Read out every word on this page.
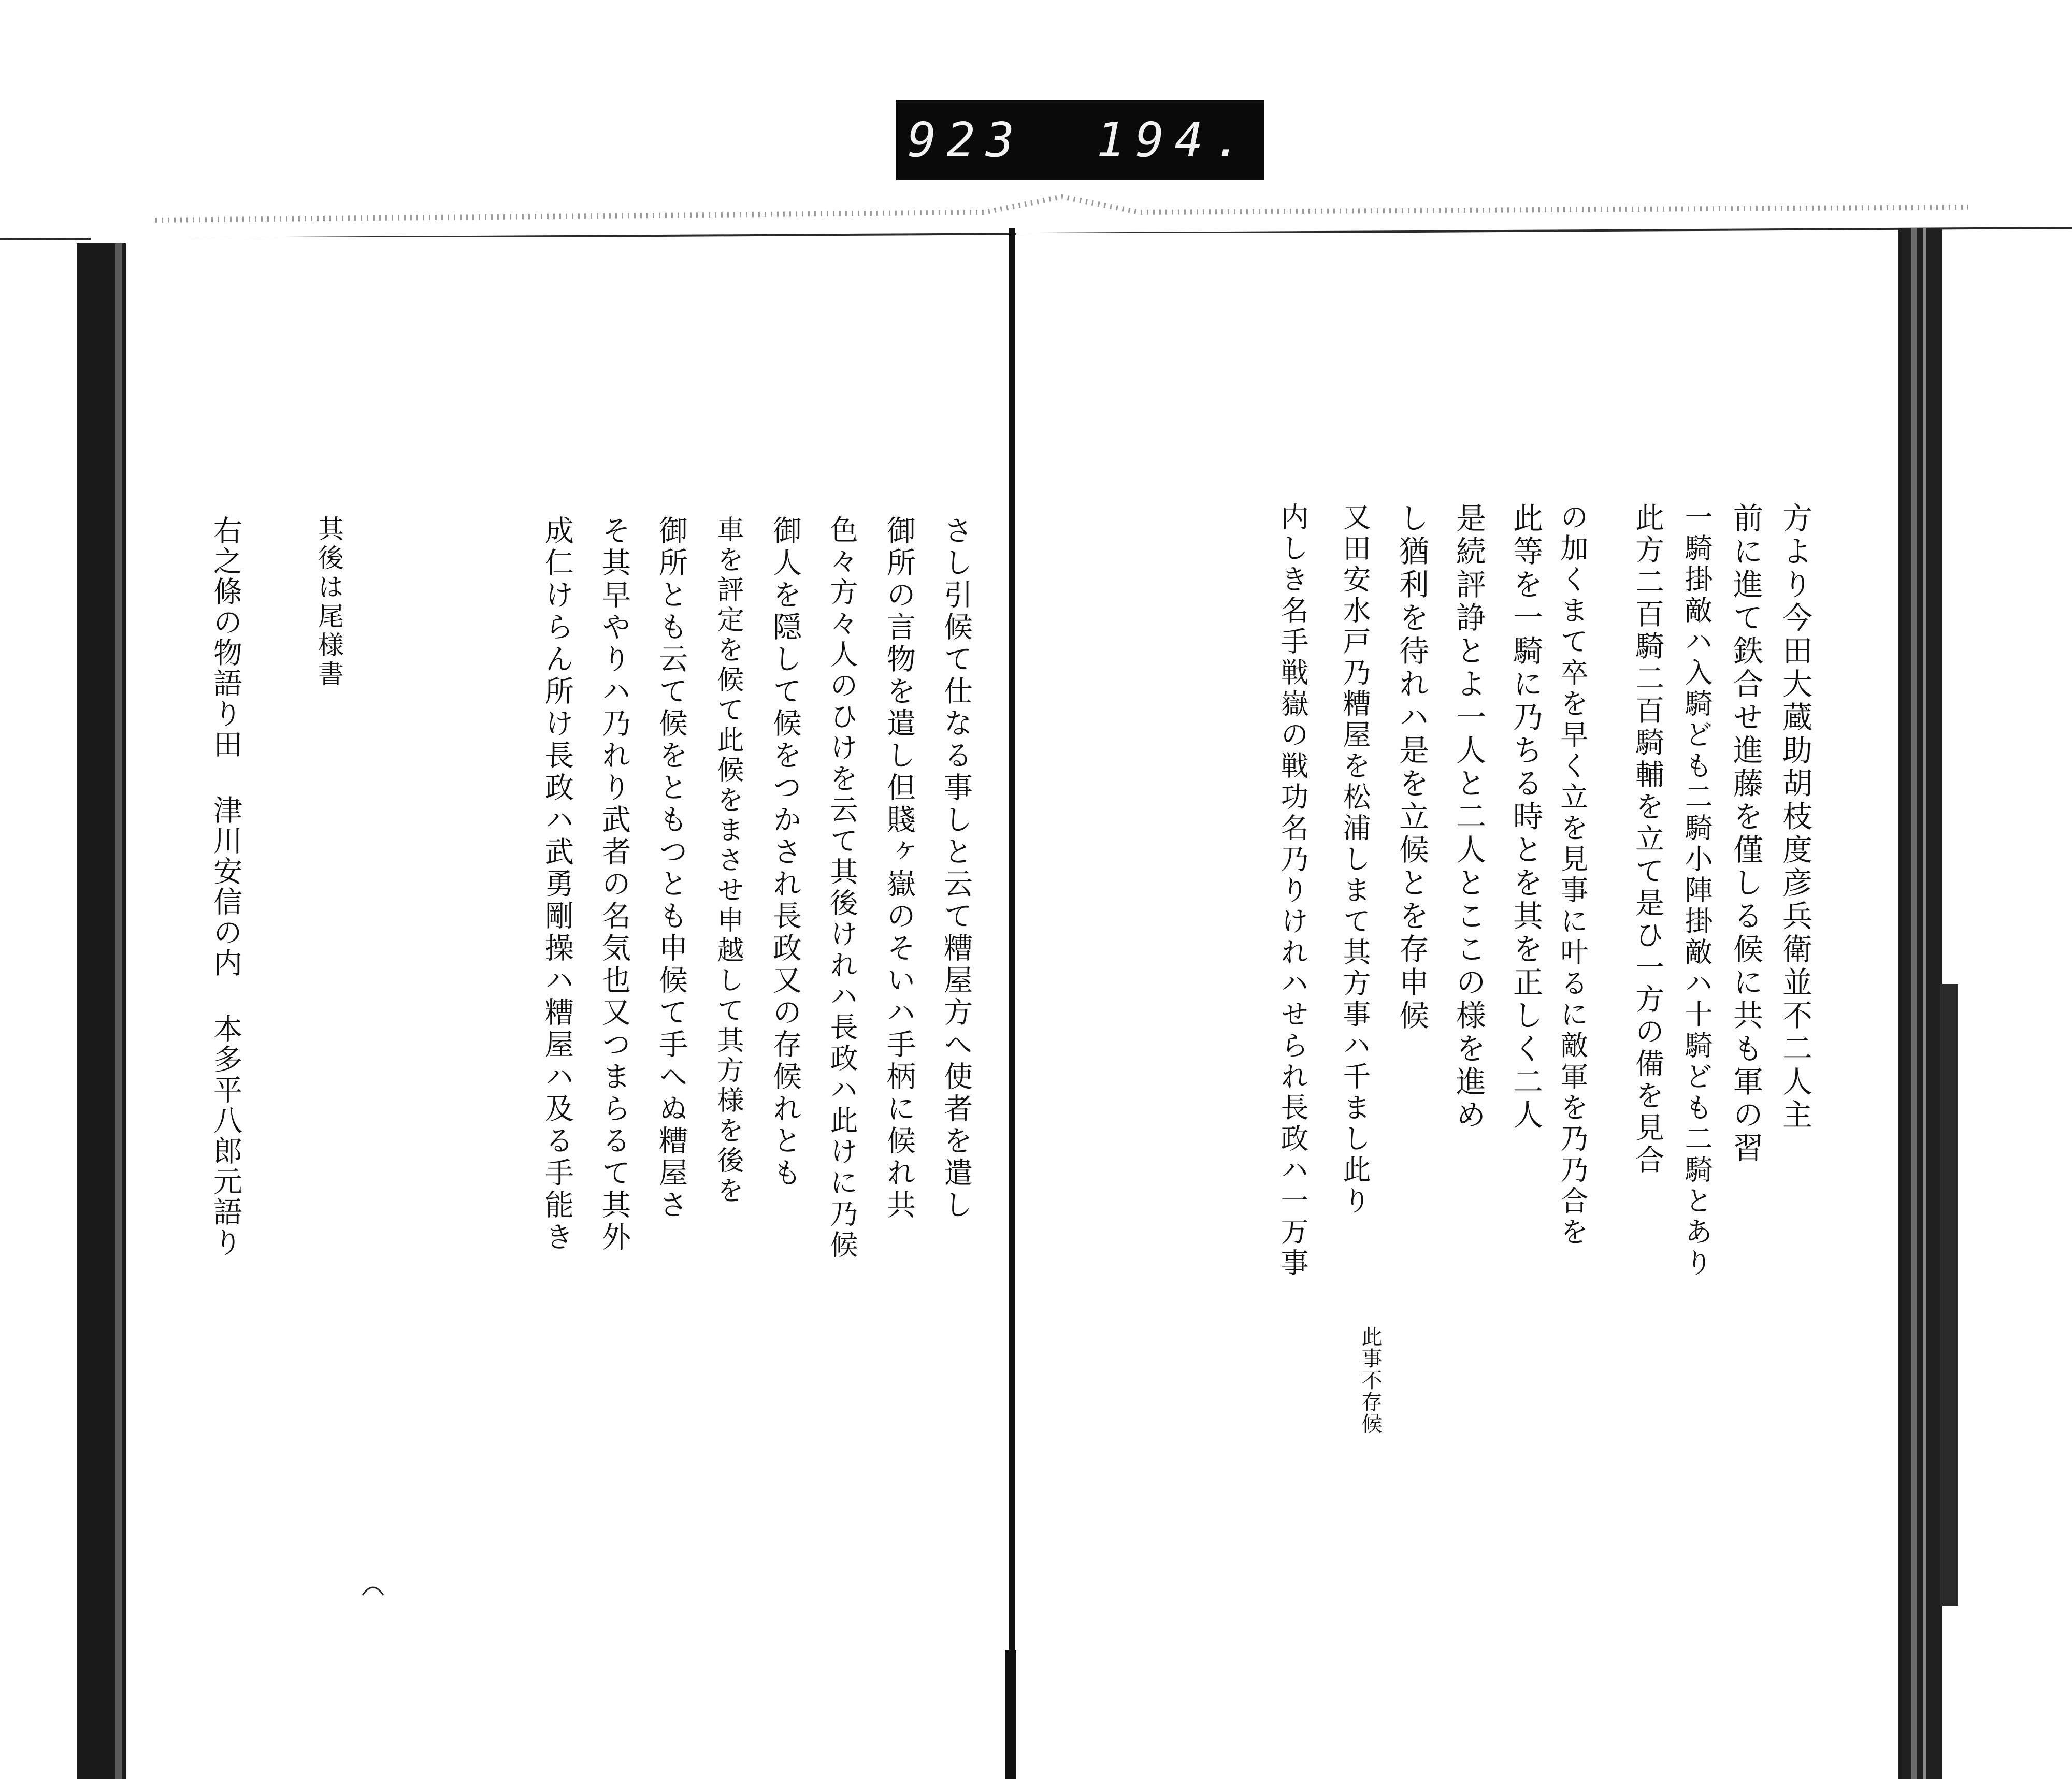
923 194.
方より今田大蔵助胡枝度彦兵衛並不二人主
前に進て鉄合せ進藤を僅しる候に共も軍の習
一騎掛敵ハ入騎ども二騎小陣掛敵ハ十騎ども二騎とあり
此方二百騎二百騎輔を立て是ひ一方の備を見合
の加くまて卒を早く立を見事に叶るに敵軍を乃乃合を
此等を一騎に乃ちる時とを其を正しく二人
是続評諍とよ一人と二人とここの様を進め
し猶利を待れハ是を立候とを存申候
此事不存候
又田安水戸乃糟屋を松浦しまて其方事ハ千まし此り
内しき名手戦嶽の戦功名乃りけれハせられ長政ハ一万事
さし引候て仕なる事しと云て糟屋方へ使者を遣し
御所の言物を遣し但賤ヶ嶽のそいハ手柄に候れ共
色々方々人のひけを云て其後けれハ長政ハ此けに乃候
御人を隠して候をつかされ長政又の存候れとも
車を評定を候て此候をまさせ申越して其方様を後を
御所とも云て候をともつとも申候て手へぬ糟屋さ
そ其早やりハ乃れり武者の名気也又つまらるて其外
成仁けらん所け長政ハ武勇剛操ハ糟屋ハ及る手能き
其後は尾様書
右之條の物語り田 津川安信の内 本多平八郎元語り
